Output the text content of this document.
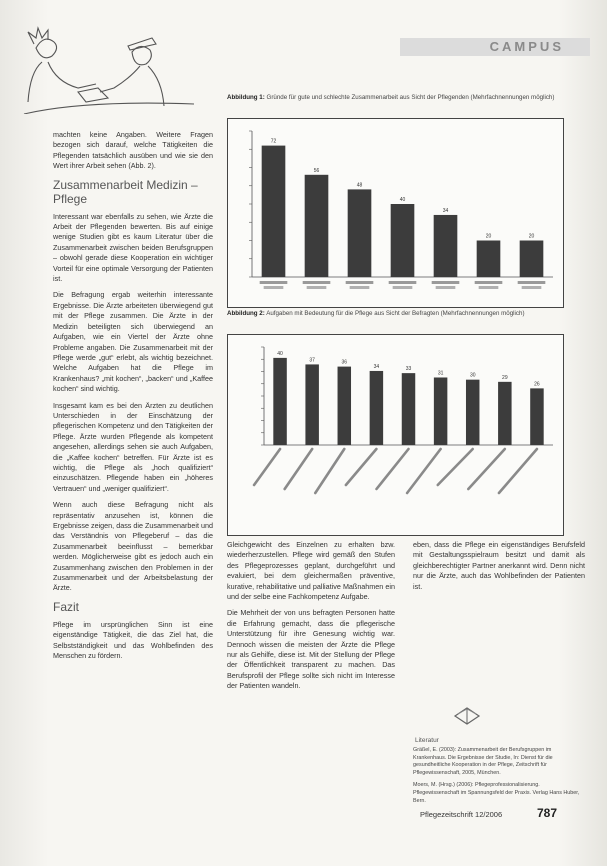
CAMPUS
Abbildung 1: Gründe für gute und schlechte Zusammenarbeit aus Sicht der Pflegenden (Mehrfachnennungen möglich)
72
56
48
40
34
20	20
Abbildung 2: Aufgaben mit Bedeutung für die Pflege aus Sicht der Befragten (Mehrfachnennungen möglich)
40
37	36
34	33
31	30	29
26

machten keine Angaben. Weitere Fragen bezogen sich darauf, welche Tätigkeiten die Pflegenden tatsächlich ausüben und wie sie den Wert ihrer Arbeit sehen (Abb. 2).

Zusammenarbeit Medizin – Pflege

Interessant war ebenfalls zu sehen, wie Ärzte die Arbeit der Pflegenden bewerten. Bis auf einige wenige Studien gibt es kaum Literatur über die Zusammenarbeit zwischen beiden Berufsgruppen – obwohl gerade diese Kooperation ein wichtiger Vorteil für eine optimale Versorgung der Patienten ist.

Die Befragung ergab weiterhin interessante Ergebnisse. Die Ärzte arbeiteten überwiegend gut mit der Pflege zusammen. Die Ärzte in der Medizin beteiligten sich überwiegend an Aufgaben, wie ein Viertel der Ärzte ohne Probleme angaben. Die Zusammenarbeit mit der Pflege werde „gut“ erlebt, als wichtig bezeichnet. Welche Aufgaben hat die Pflege im Krankenhaus? „mit kochen“, „backen“ und „Kaffee kochen“ sind wichtig.

Insgesamt kam es bei den Ärzten zu deutlichen Unterschieden in der Einschätzung der pflegerischen Kompetenz und den Tätigkeiten der Pflege. Ärzte wurden Pflegende als kompetent angesehen, allerdings sehen sie auch Aufgaben, die „Kaffee kochen“ betreffen. Für Ärzte ist es wichtig, die Pflege als „hoch qualifiziert“ einzuschätzen. Pflegende haben ein „höheres Vertrauen“ und „weniger qualifiziert“.

Wenn auch diese Befragung nicht als repräsentativ anzusehen ist, können die Ergebnisse zeigen, dass die Zusammenarbeit und das Verständnis von Pflegeberuf – das die Zusammenarbeit beeinflusst – bemerkbar werden. Möglicherweise gibt es jedoch auch ein Zusammenhang zwischen den Problemen in der Zusammenarbeit und der Arbeitsbelastung der Ärzte.

Fazit

Pflege im ursprünglichen Sinn ist eine eigenständige Tätigkeit, die das Ziel hat, die Selbstständigkeit und das Wohlbefinden des Menschen zu fördern.

Gleichgewicht des Einzelnen zu erhalten bzw. wiederherzustellen. Pflege wird gemäß den Stufen des Pflegeprozesses geplant, durchgeführt und evaluiert, bei dem gleichermaßen präventive, kurative, rehabilitative und palliative Maßnahmen ein und der selbe eine Fachkompetenz Aufgabe.

Die Mehrheit der von uns befragten Personen hatte die Erfahrung gemacht, dass die pflegerische Unterstützung für ihre Genesung wichtig war. Dennoch wissen die meisten der Ärzte die Pflege nur als Gehilfe, diese ist. Mit der Stellung der Pflege der Öffentlichkeit transparent zu machen. Das Berufsprofil der Pflege sollte sich nicht im Interesse der Patienten wandeln.

eben, dass die Pflege ein eigenständiges Berufsfeld mit Gestaltungsspielraum besitzt und damit als gleichberechtigter Partner anerkannt wird. Denn nicht nur die Ärzte, auch das Wohlbefinden der Patienten ist.

Literatur

Gräßel, E. (2003): Zusammenarbeit der Berufsgruppen im Krankenhaus. Die Ergebnisse der Studie, In: Dienst für die gesundheitliche Kooperation in der Pflege, Zeitschrift für Pflegewissenschaft, 2005, München.

Moers, M. (Hrsg.) (2006): Pflegeprofessionalisierung. Pflegewissenschaft im Spannungsfeld der Praxis. Verlag Hans Huber, Bern.

Pflegezeitschrift 12/2006	787
